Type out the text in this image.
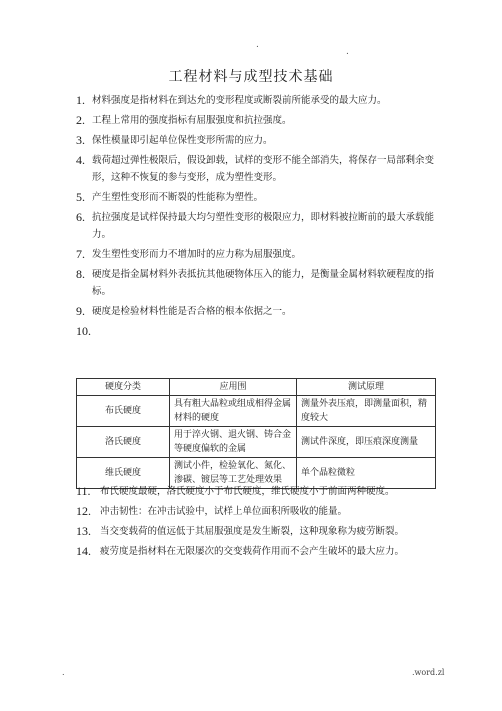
.
.
工程材料与成型技术基础
1. 材料强度是指材料在到达允的变形程度或断裂前所能承受的最大应力。
2. 工程上常用的强度指标有屈服强度和抗拉强度。
3. 保性模量即引起单位保性变形所需的应力。
4. 载荷超过弹性极限后，假设卸载，试样的变形不能全部消失，将保存一局部剩余变形，这种不恢复的参与变形，成为塑性变形。
5. 产生塑性变形而不断裂的性能称为塑性。
6. 抗拉强度是试样保持最大均匀塑性变形的极限应力，即材料被拉断前的最大承载能力。
7. 发生塑性变形而力不增加时的应力称为屈服强度。
8. 硬度是指金属材料外表抵抗其他硬物体压入的能力，是衡量金属材料软硬程度的指标。
9. 硬度是检验材料性能是否合格的根本依据之一。
10.
硬度分类	应用围	测试原理
布氏硬度	具有粗大晶粒或组成相得金属材料的硬度	测量外表压痕，即测量面积，精度较大
洛氏硬度	用于淬火钢、退火钢、铸合金等硬度偏软的金属	测试件深度，即压痕深度测量
维氏硬度	测试小件，检验氧化、氮化、渗碳、镀层等工艺处理效果	单个晶粒微粒
11. 布氏硬度最硬，洛氏硬度小于布氏硬度，维氏硬度小于前面两种硬度。
12. 冲击韧性：在冲击试验中，试样上单位面积所吸收的能量。
13. 当交变载荷的值远低于其屈服强度是发生断裂，这种现象称为疲劳断裂。
14. 疲劳度是指材料在无限屡次的交变载荷作用而不会产生破坏的最大应力。
.	.word.zl
